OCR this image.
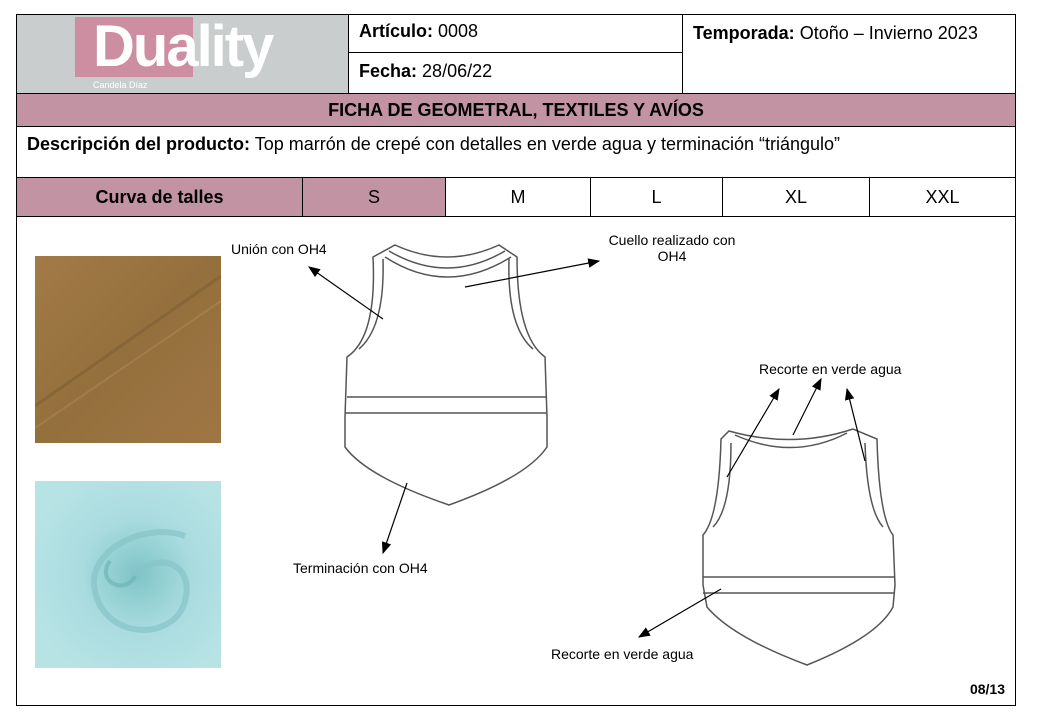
Duality
Candela Díaz
Artículo: 0008
Fecha: 28/06/22
Temporada: Otoño – Invierno 2023
FICHA DE GEOMETRAL, TEXTILES Y AVÍOS
Descripción del producto: Top marrón de crepé con detalles en verde agua y terminación “triángulo”
Curva de talles	S	M	L	XL	XXL
Unión con OH4
Cuello realizado con OH4
Terminación con OH4
Recorte en verde agua
Recorte en verde agua
08/13
